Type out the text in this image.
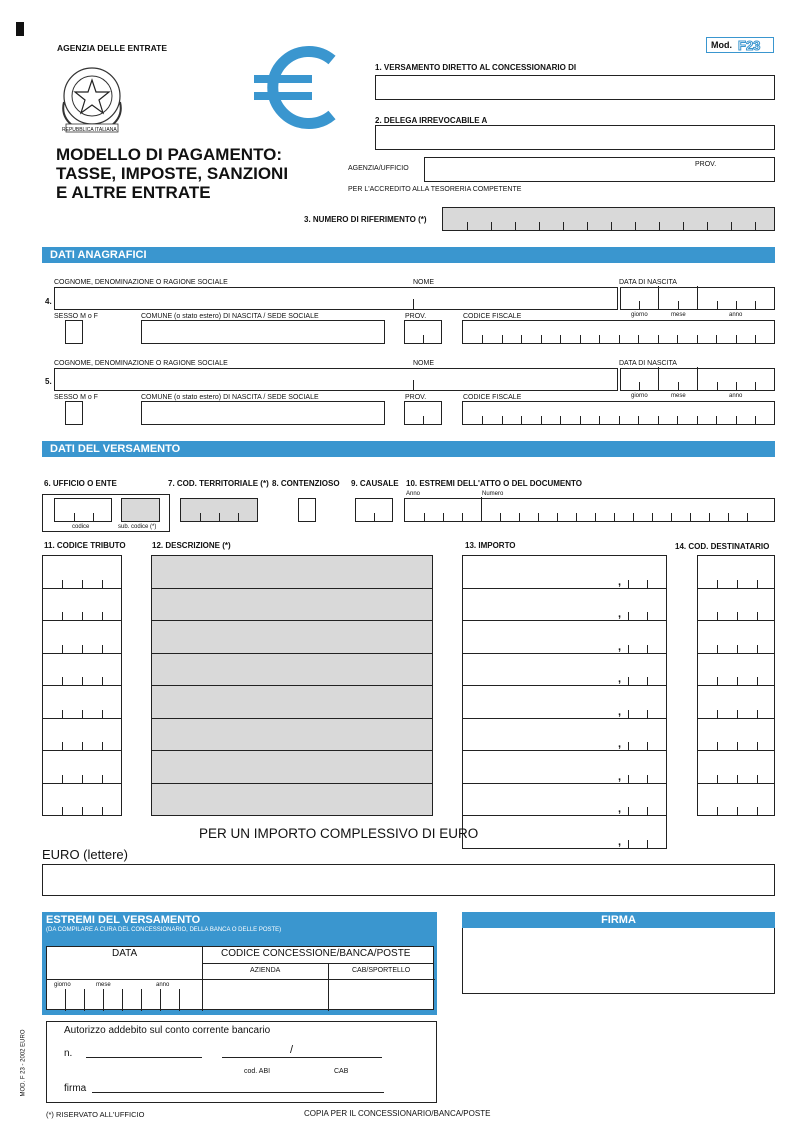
AGENZIA DELLE ENTRATE
REPUBBLICA ITALIANA
MODELLO DI PAGAMENTO:
TASSE, IMPOSTE, SANZIONI
E ALTRE ENTRATE
Mod. F23
1. VERSAMENTO DIRETTO AL CONCESSIONARIO DI
2. DELEGA IRREVOCABILE A
AGENZIA/UFFICIO
PROV.
PER L'ACCREDITO ALLA TESORERIA COMPETENTE
3. NUMERO DI RIFERIMENTO (*)
DATI ANAGRAFICI
COGNOME, DENOMINAZIONE O RAGIONE SOCIALE	NOME	DATA DI NASCITA
4.
giorno	mese	anno
SESSO M o F	COMUNE (o stato estero) DI NASCITA / SEDE SOCIALE	PROV.	CODICE FISCALE
COGNOME, DENOMINAZIONE O RAGIONE SOCIALE	NOME	DATA DI NASCITA
5.
giorno	mese	anno
SESSO M o F	COMUNE (o stato estero) DI NASCITA / SEDE SOCIALE	PROV.	CODICE FISCALE
DATI DEL VERSAMENTO
6. UFFICIO O ENTE	7. COD. TERRITORIALE (*) 8. CONTENZIOSO 9. CAUSALE 10. ESTREMI DELL'ATTO O DEL DOCUMENTO
Anno	Numero
codice	sub. codice (*)
11. CODICE TRIBUTO	12. DESCRIZIONE (*)	13. IMPORTO	14. COD. DESTINATARIO
,
,
,
,
,
,
,
,
,
PER UN IMPORTO COMPLESSIVO DI EURO
EURO (lettere)
ESTREMI DEL VERSAMENTO
(DA COMPILARE A CURA DEL CONCESSIONARIO, DELLA BANCA O DELLE POSTE)
DATA	CODICE CONCESSIONE/BANCA/POSTE
AZIENDA	CAB/SPORTELLO
giorno	mese	anno
FIRMA
Autorizzo addebito sul conto corrente bancario
n.	/
cod. ABI	CAB
firma
MOD. F 23 - 2002 EURO
(*) RISERVATO ALL'UFFICIO	COPIA PER IL CONCESSIONARIO/BANCA/POSTE
